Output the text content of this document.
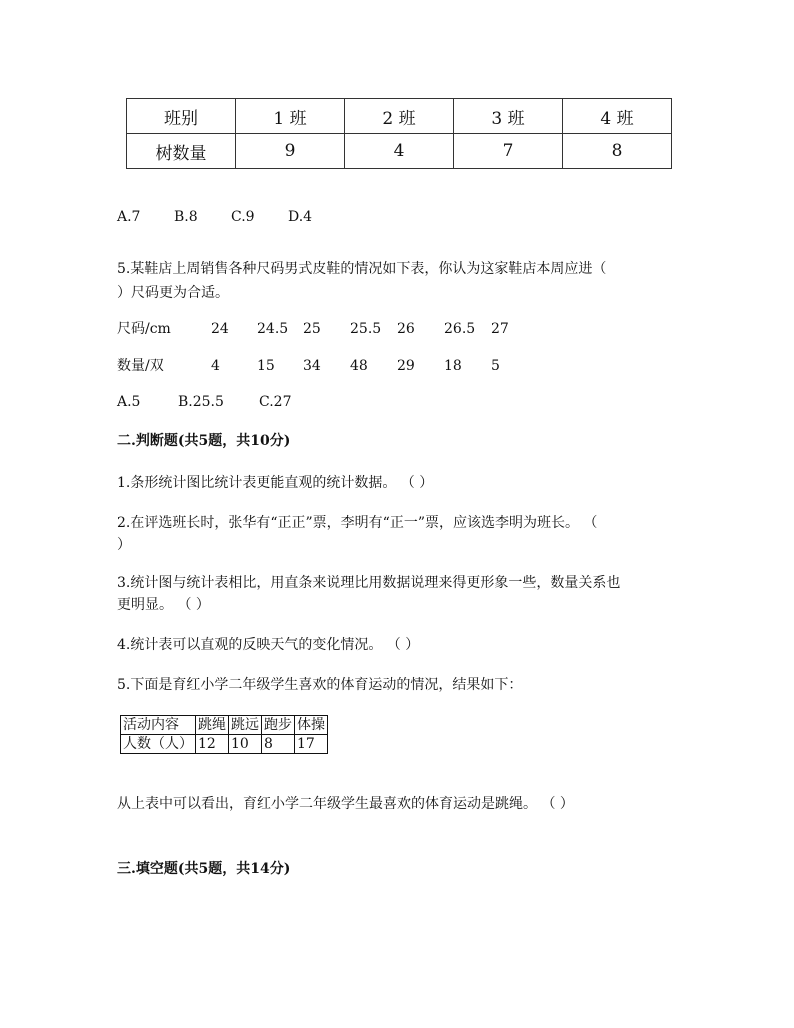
班别	1 班	2 班	3 班	4 班
树数量	9	4	7	8
A.7 B.8 C.9 D.4
5.某鞋店上周销售各种尺码男式皮鞋的情况如下表，你认为这家鞋店本周应进（
）尺码更为合适。
尺码/cm	24 24.5 25 25.5 26 26.5 27
数量/双	4	15 34 48 29 18 5
A.5	B.25.5	C.27
二.判断题(共5题，共10分)
1.条形统计图比统计表更能直观的统计数据。 （ ）
2.在评选班长时，张华有“正正”票，李明有“正一”票，应该选李明为班长。 （
）
3.统计图与统计表相比，用直条来说理比用数据说理来得更形象一些，数量关系也
更明显。 （ ）
4.统计表可以直观的反映天气的变化情况。 （ ）
5.下面是育红小学二年级学生喜欢的体育运动的情况，结果如下：
活动内容	跳绳	跳远	跑步	体操
人数（人）	12	10	8	17
从上表中可以看出，育红小学二年级学生最喜欢的体育运动是跳绳。 （ ）
三.填空题(共5题，共14分)
